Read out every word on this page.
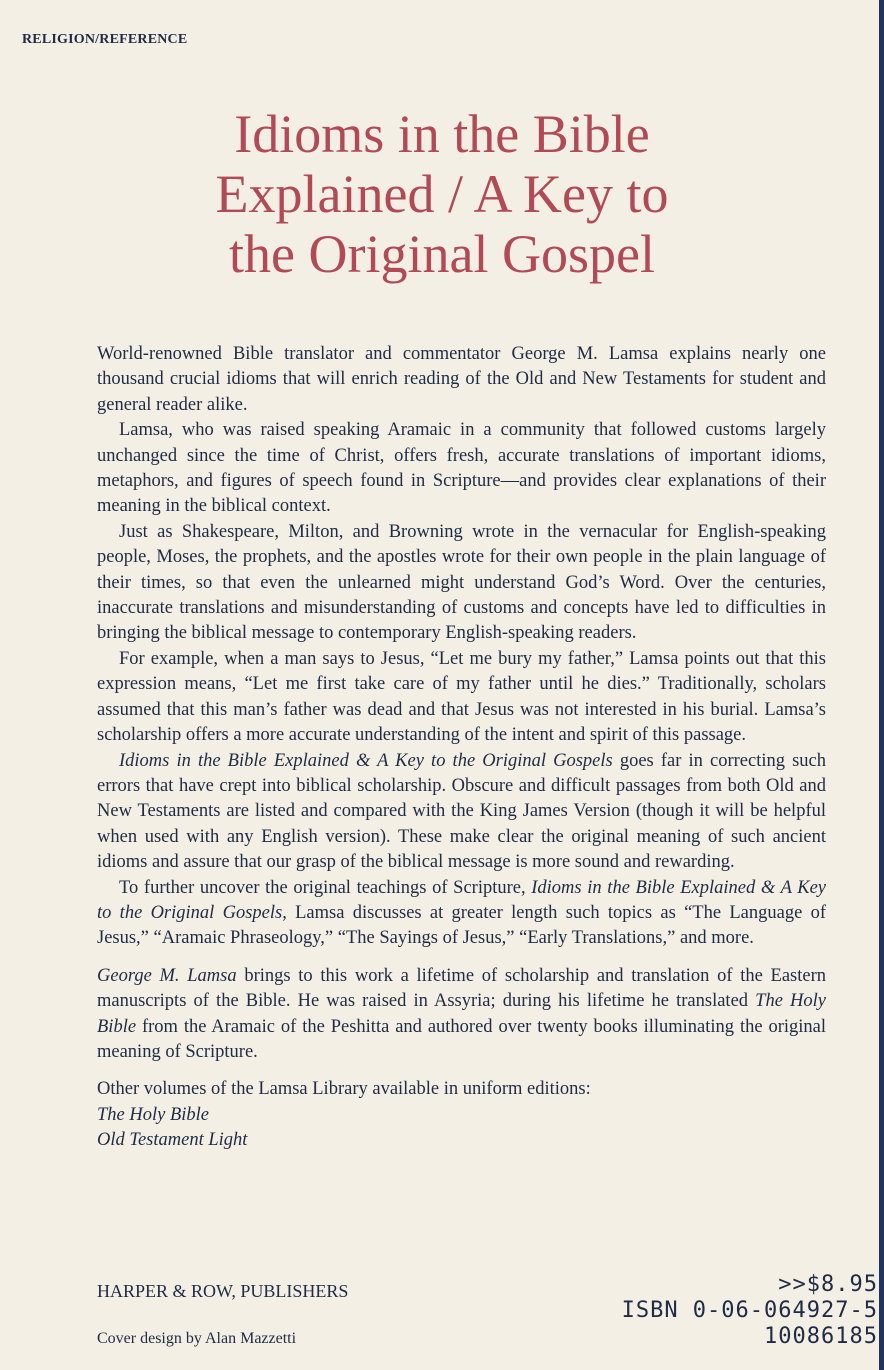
RELIGION/REFERENCE
Idioms in the Bible
Explained / A Key to
the Original Gospel

World-renowned Bible translator and commentator George M. Lamsa explains nearly one thousand crucial idioms that will enrich reading of the Old and New Testaments for student and general reader alike.

Lamsa, who was raised speaking Aramaic in a community that followed customs largely unchanged since the time of Christ, offers fresh, accurate translations of important idioms, metaphors, and figures of speech found in Scripture—and provides clear explanations of their meaning in the biblical context.

Just as Shakespeare, Milton, and Browning wrote in the vernacular for English-speaking people, Moses, the prophets, and the apostles wrote for their own people in the plain language of their times, so that even the unlearned might understand God’s Word. Over the centuries, inaccurate translations and misunderstanding of customs and concepts have led to difficulties in bringing the biblical message to contemporary English-speaking readers.

For example, when a man says to Jesus, “Let me bury my father,” Lamsa points out that this expression means, “Let me first take care of my father until he dies.” Traditionally, scholars assumed that this man’s father was dead and that Jesus was not interested in his burial. Lamsa’s scholarship offers a more accurate understanding of the intent and spirit of this passage.

Idioms in the Bible Explained & A Key to the Original Gospels goes far in correcting such errors that have crept into biblical scholarship. Obscure and difficult passages from both Old and New Testaments are listed and compared with the King James Version (though it will be helpful when used with any English version). These make clear the original meaning of such ancient idioms and assure that our grasp of the biblical message is more sound and rewarding.

To further uncover the original teachings of Scripture, Idioms in the Bible Explained & A Key to the Original Gospels, Lamsa discusses at greater length such topics as “The Language of Jesus,” “Aramaic Phraseology,” “The Sayings of Jesus,” “Early Translations,” and more.

George M. Lamsa brings to this work a lifetime of scholarship and translation of the Eastern manuscripts of the Bible. He was raised in Assyria; during his lifetime he translated The Holy Bible from the Aramaic of the Peshitta and authored over twenty books illuminating the original meaning of Scripture.

Other volumes of the Lamsa Library available in uniform editions:
The Holy Bible
Old Testament Light

HARPER & ROW, PUBLISHERS
Cover design by Alan Mazzetti
>>$8.95
ISBN 0-06-064927-5
10086185
